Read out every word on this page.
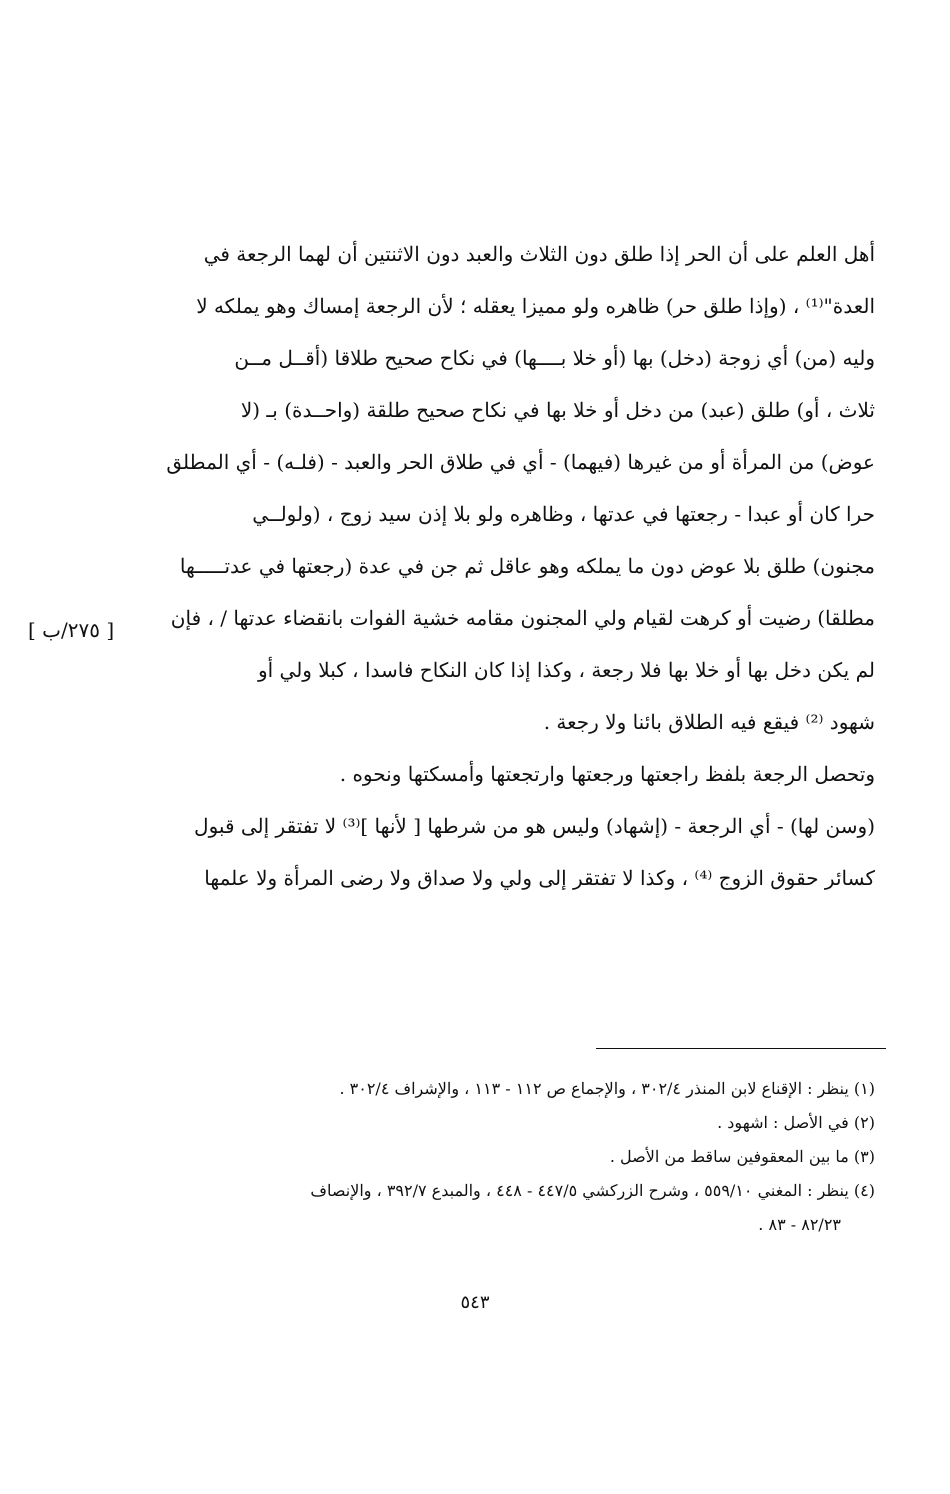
أهل العلم على أن الحر إذا طلق دون الثلاث والعبد دون الاثنتين أن لهما الرجعة في
العدة"⁽¹⁾ ، (وإذا طلق حر) ظاهره ولو مميزا يعقله ؛ لأن الرجعة إمساك وهو يملكه لا
وليه (من) أي زوجة (دخل) بها (أو خلا بــــها) في نكاح صحيح طلاقا (أقــل مــن
ثلاث ، أو) طلق (عبد) من دخل أو خلا بها في نكاح صحيح طلقة (واحــدة) بـ (لا
عوض) من المرأة أو من غيرها (فيهما) - أي في طلاق الحر والعبد - (فلـه) - أي المطلق
حرا كان أو عبدا - رجعتها في عدتها ، وظاهره ولو بلا إذن سيد زوج ، (ولولــي
مجنون) طلق بلا عوض دون ما يملكه وهو عاقل ثم جن في عدة (رجعتها في عدتـــــها
مطلقا) رضيت أو كرهت لقيام ولي المجنون مقامه خشية الفوات بانقضاء عدتها / ، فإن
لم يكن دخل بها أو خلا بها فلا رجعة ، وكذا إذا كان النكاح فاسدا ، كبلا ولي أو
شهود ⁽²⁾ فيقع فيه الطلاق بائنا ولا رجعة .
وتحصل الرجعة بلفظ راجعتها ورجعتها وارتجعتها وأمسكتها ونحوه .
(وسن لها) - أي الرجعة - (إشهاد) وليس هو من شرطها [ لأنها ]⁽³⁾ لا تفتقر إلى قبول
كسائر حقوق الزوج ⁽⁴⁾ ، وكذا لا تفتقر إلى ولي ولا صداق ولا رضى المرأة ولا علمها
[ ٢٧٥/ب ]
(١) ينظر : الإقناع لابن المنذر ٣٠٢/٤ ، والإجماع ص ١١٢ - ١١٣ ، والإشراف ٣٠٢/٤ .
(٢) في الأصل : اشهود .
(٣) ما بين المعقوفين ساقط من الأصل .
(٤) ينظر : المغني ٥٥٩/١٠ ، وشرح الزركشي ٤٤٧/٥ - ٤٤٨ ، والمبدع ٣٩٢/٧ ، والإنصاف
٨٢/٢٣ - ٨٣ .
٥٤٣
